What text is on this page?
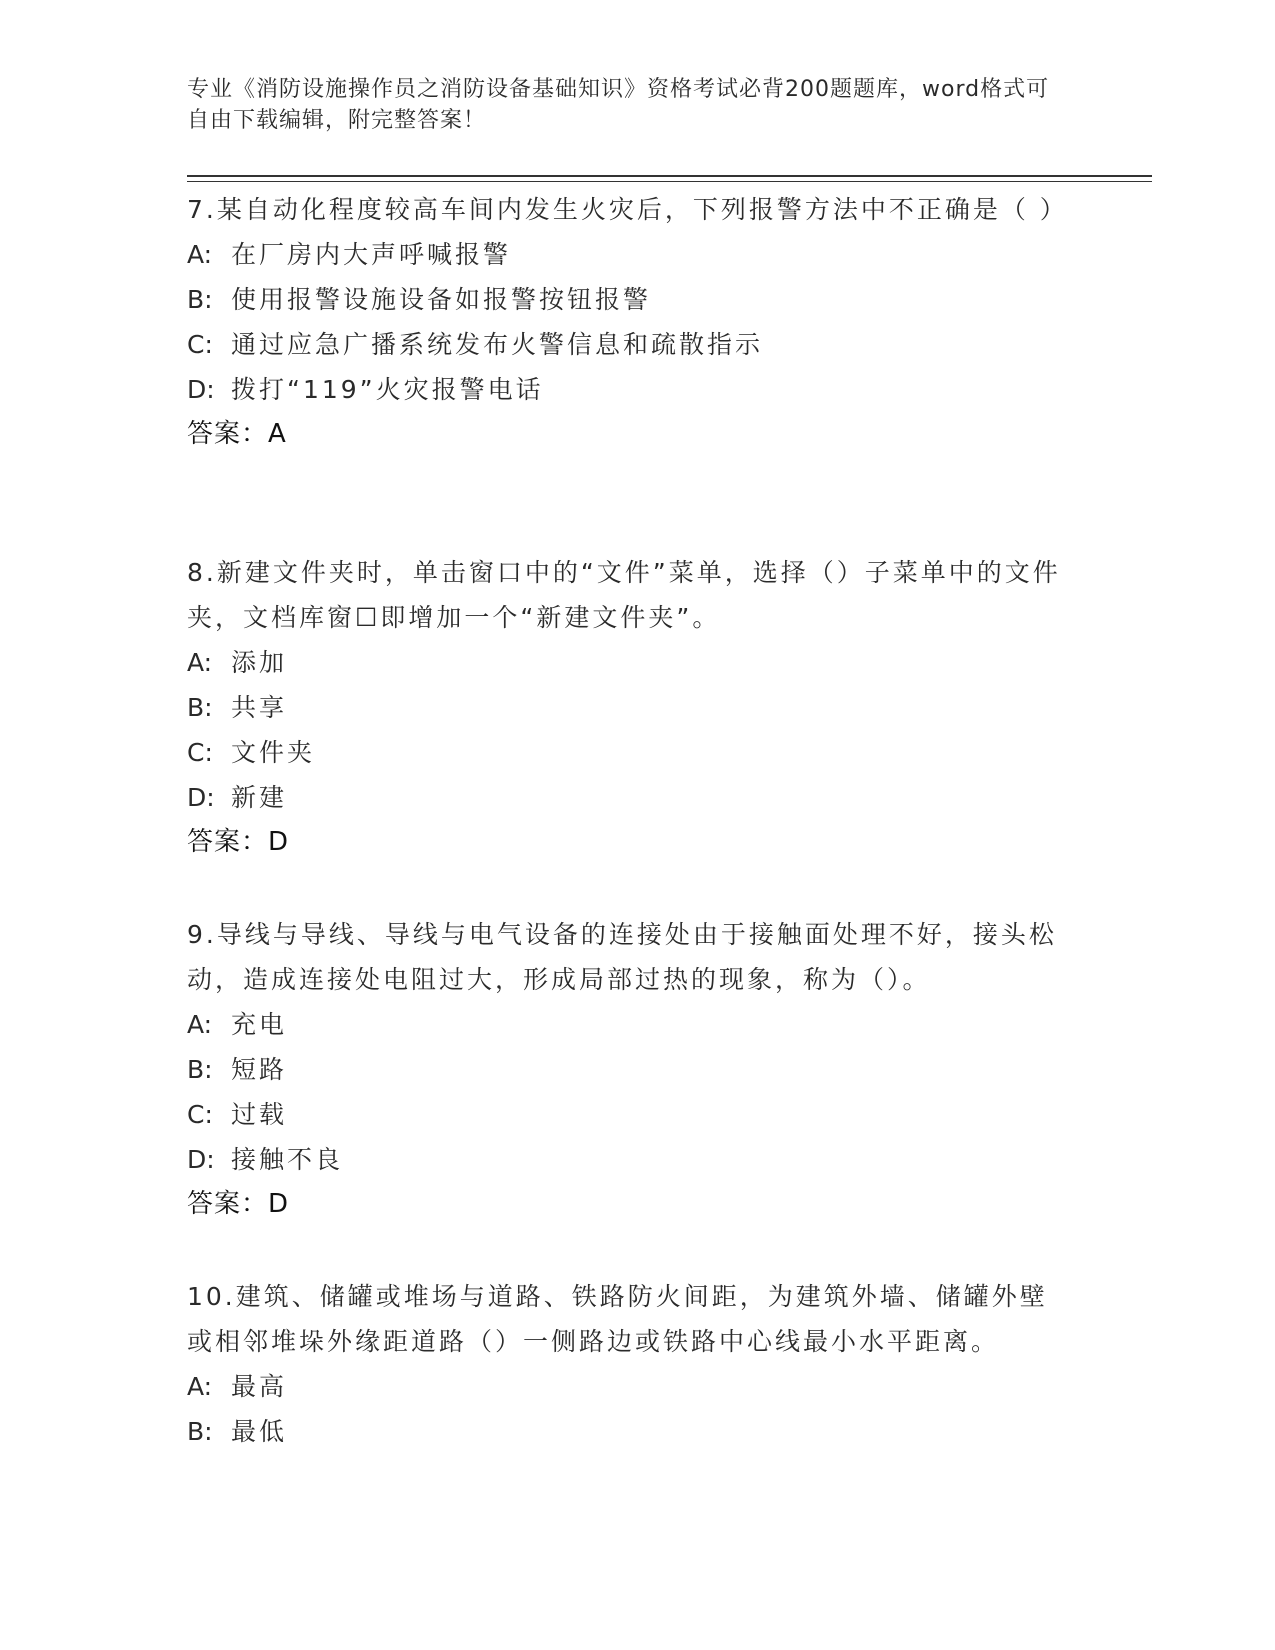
专业《消防设施操作员之消防设备基础知识》资格考试必背200题题库，word格式可自由下载编辑，附完整答案！
7.某自动化程度较高车间内发生火灾后，下列报警方法中不正确是（ ）
A: 在厂房内大声呼喊报警
B: 使用报警设施设备如报警按钮报警
C: 通过应急广播系统发布火警信息和疏散指示
D: 拨打“119”火灾报警电话
答案：A
8.新建文件夹时，单击窗口中的“文件”菜单，选择（）子菜单中的文件夹，文档库窗☐即增加一个“新建文件夹”。
A: 添加
B: 共享
C: 文件夹
D: 新建
答案：D
9.导线与导线、导线与电气设备的连接处由于接触面处理不好，接头松动，造成连接处电阻过大，形成局部过热的现象，称为（）。
A: 充电
B: 短路
C: 过载
D: 接触不良
答案：D
10.建筑、储罐或堆场与道路、铁路防火间距，为建筑外墙、储罐外壁或相邻堆垛外缘距道路（）一侧路边或铁路中心线最小水平距离。
A: 最高
B: 最低
